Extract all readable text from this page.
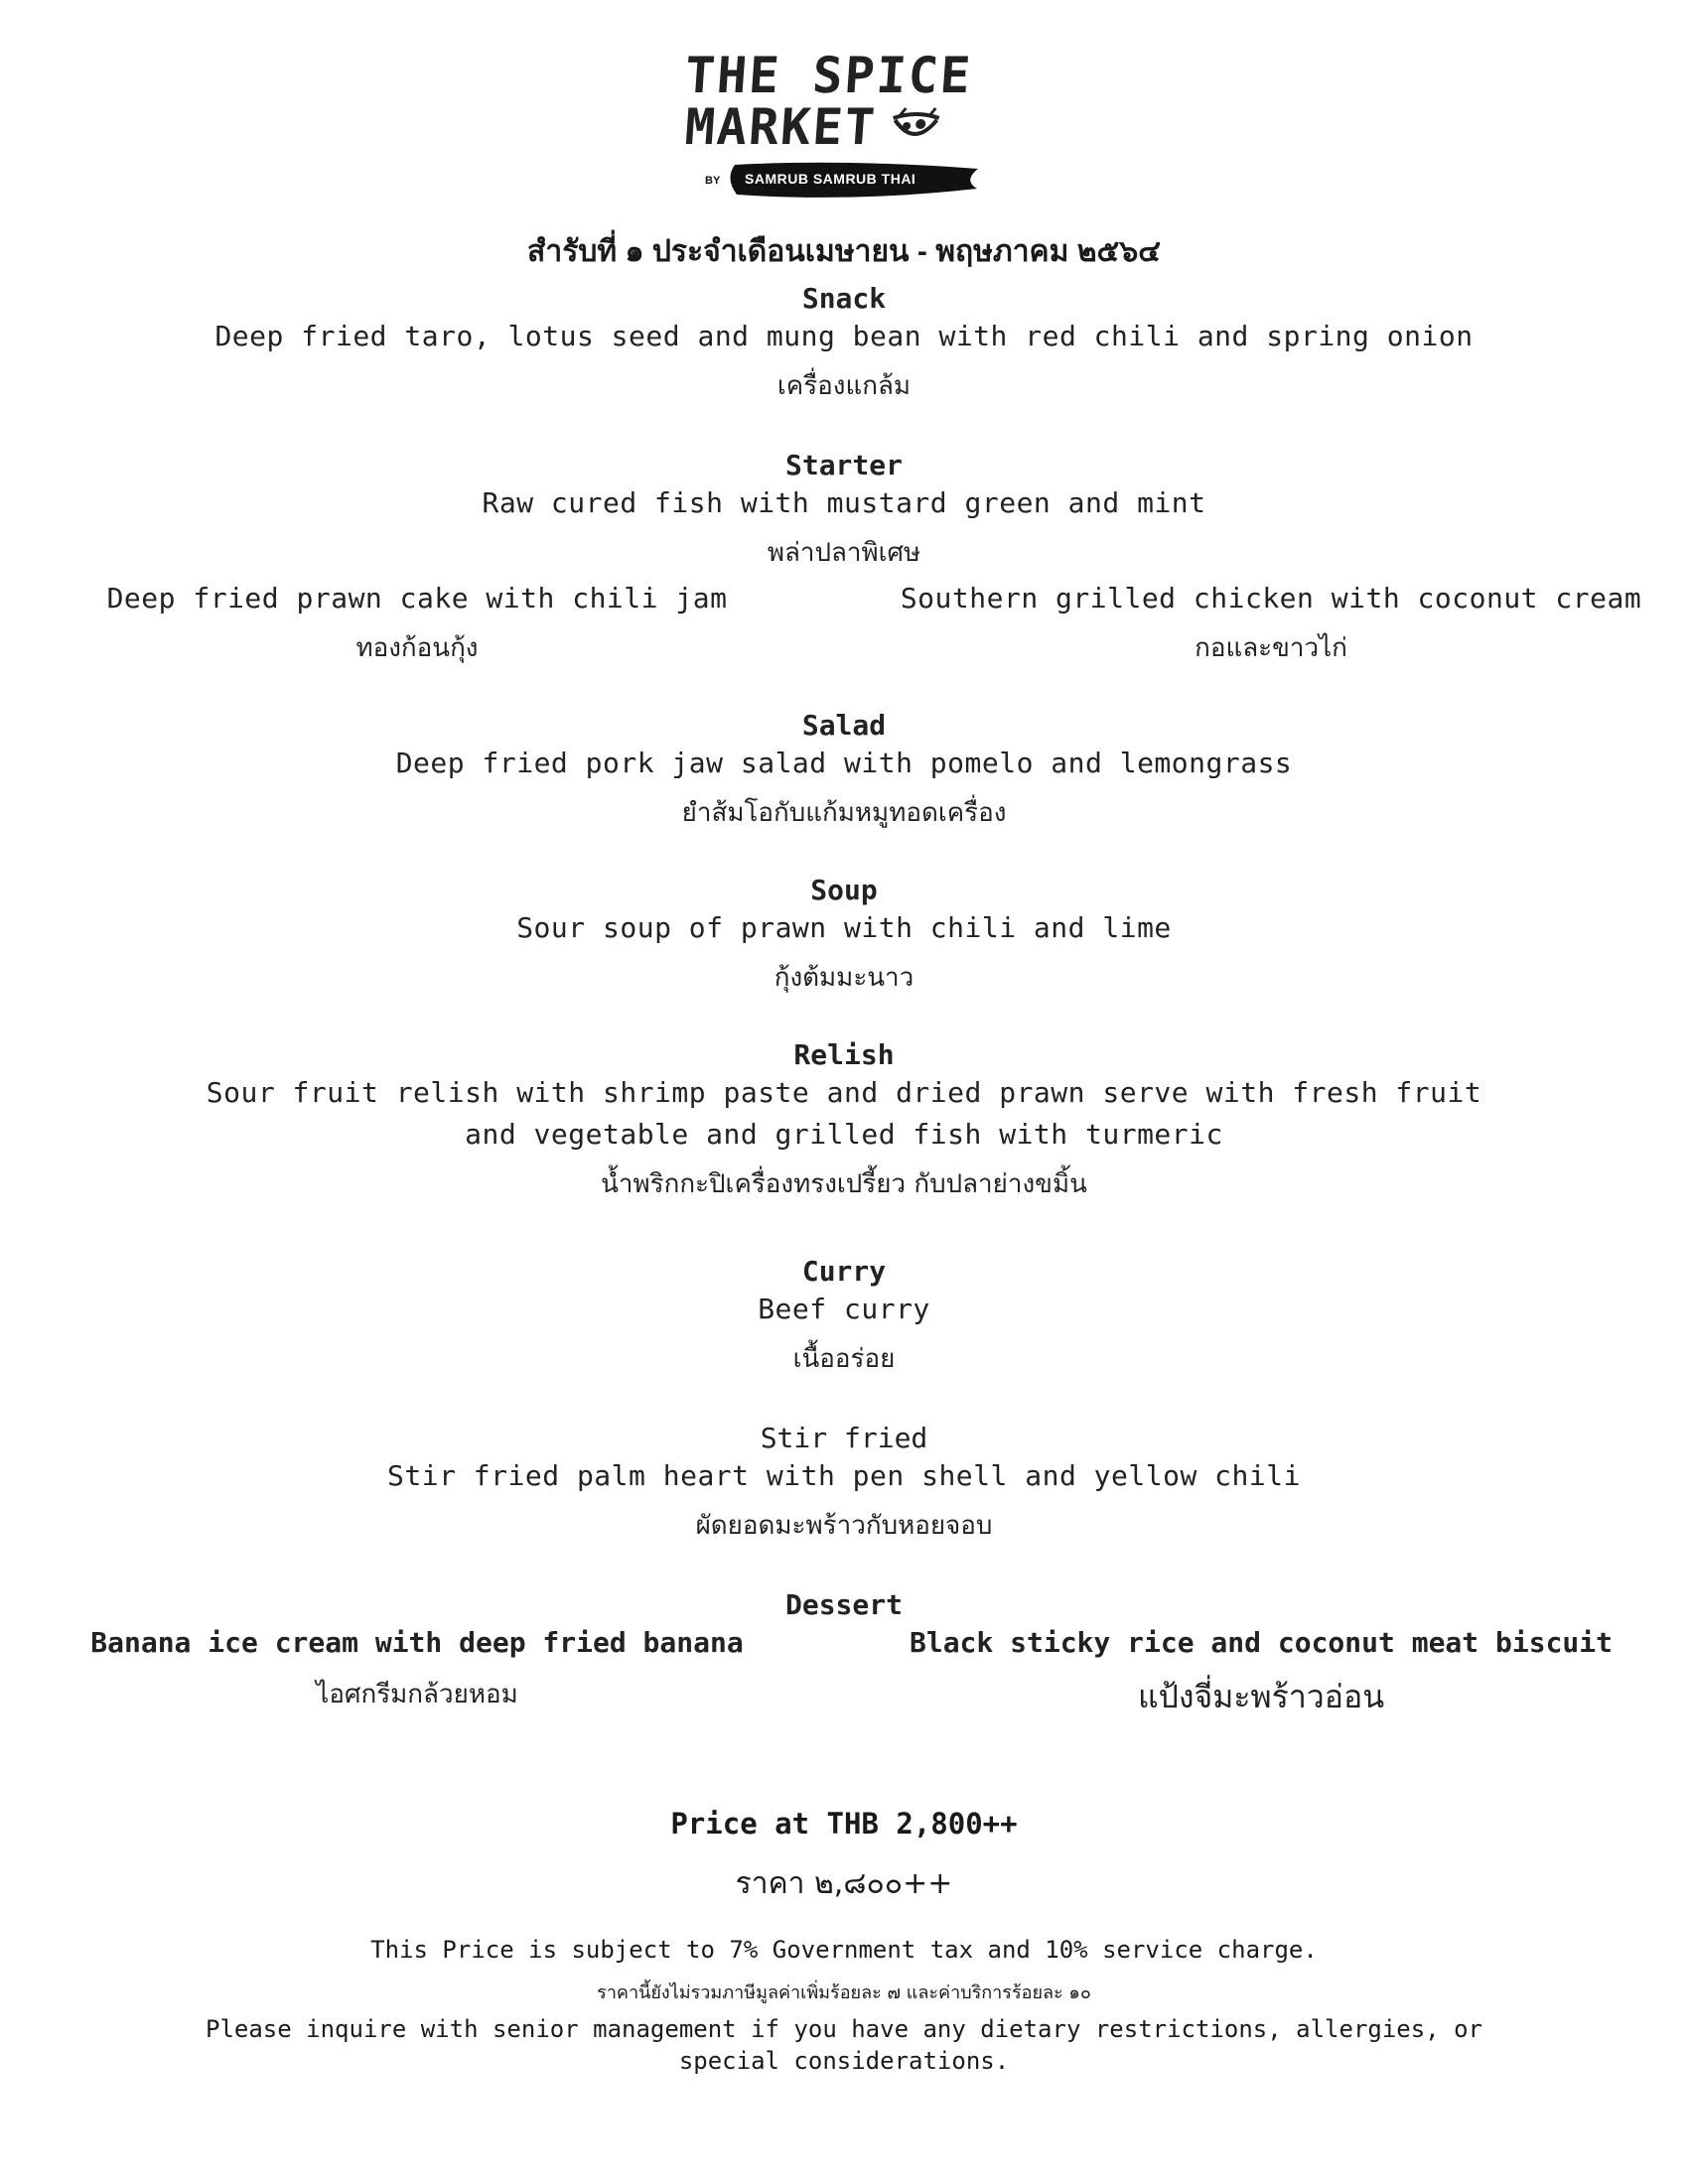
THE SPICE
MARKET
BY SAMRUB SAMRUB THAI
สำรับที่ ๑ ประจำเดือนเมษายน - พฤษภาคม ๒๕๖๔
Snack
Deep fried taro, lotus seed and mung bean with red chili and spring onion
เครื่องแกล้ม
Starter
Raw cured fish with mustard green and mint
พล่าปลาพิเศษ
Deep fried prawn cake with chili jam
ทองก้อนกุ้ง
Southern grilled chicken with coconut cream
กอและขาวไก่
Salad
Deep fried pork jaw salad with pomelo and lemongrass
ยำส้มโอกับแก้มหมูทอดเครื่อง
Soup
Sour soup of prawn with chili and lime
กุ้งต้มมะนาว
Relish
Sour fruit relish with shrimp paste and dried prawn serve with fresh fruit
and vegetable and grilled fish with turmeric
น้ำพริกกะปิเครื่องทรงเปรี้ยว กับปลาย่างขมิ้น
Curry
Beef curry
เนื้ออร่อย
Stir fried
Stir fried palm heart with pen shell and yellow chili
ผัดยอดมะพร้าวกับหอยจอบ
Dessert
Banana ice cream with deep fried banana
ไอศกรีมกล้วยหอม
Black sticky rice and coconut meat biscuit
แป้งจี่มะพร้าวอ่อน
Price at THB 2,800++
ราคา ๒,๘๐๐++
This Price is subject to 7% Government tax and 10% service charge.
ราคานี้ยังไม่รวมภาษีมูลค่าเพิ่มร้อยละ ๗ และค่าบริการร้อยละ ๑๐
Please inquire with senior management if you have any dietary restrictions, allergies, or
special considerations.
